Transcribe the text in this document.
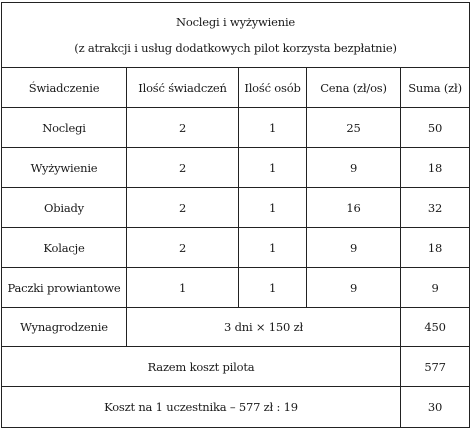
Noclegi i wyżywienie
(z atrakcji i usług dodatkowych pilot korzysta bezpłatnie)				

Świadczenie	Ilość świadczeń	Ilość osób	Cena (zł/os)	Suma (zł)
Noclegi	2	1	25	50
Wyżywienie	2	1	9	18
Obiady	2	1	16	32
Kolacje	2	1	9	18
Paczki prowiantowe	1	1	9	9
Wynagrodzenie	3 dni × 150 zł			450
Razem koszt pilota				577
Koszt na 1 uczestnika – 577 zł : 19				30
